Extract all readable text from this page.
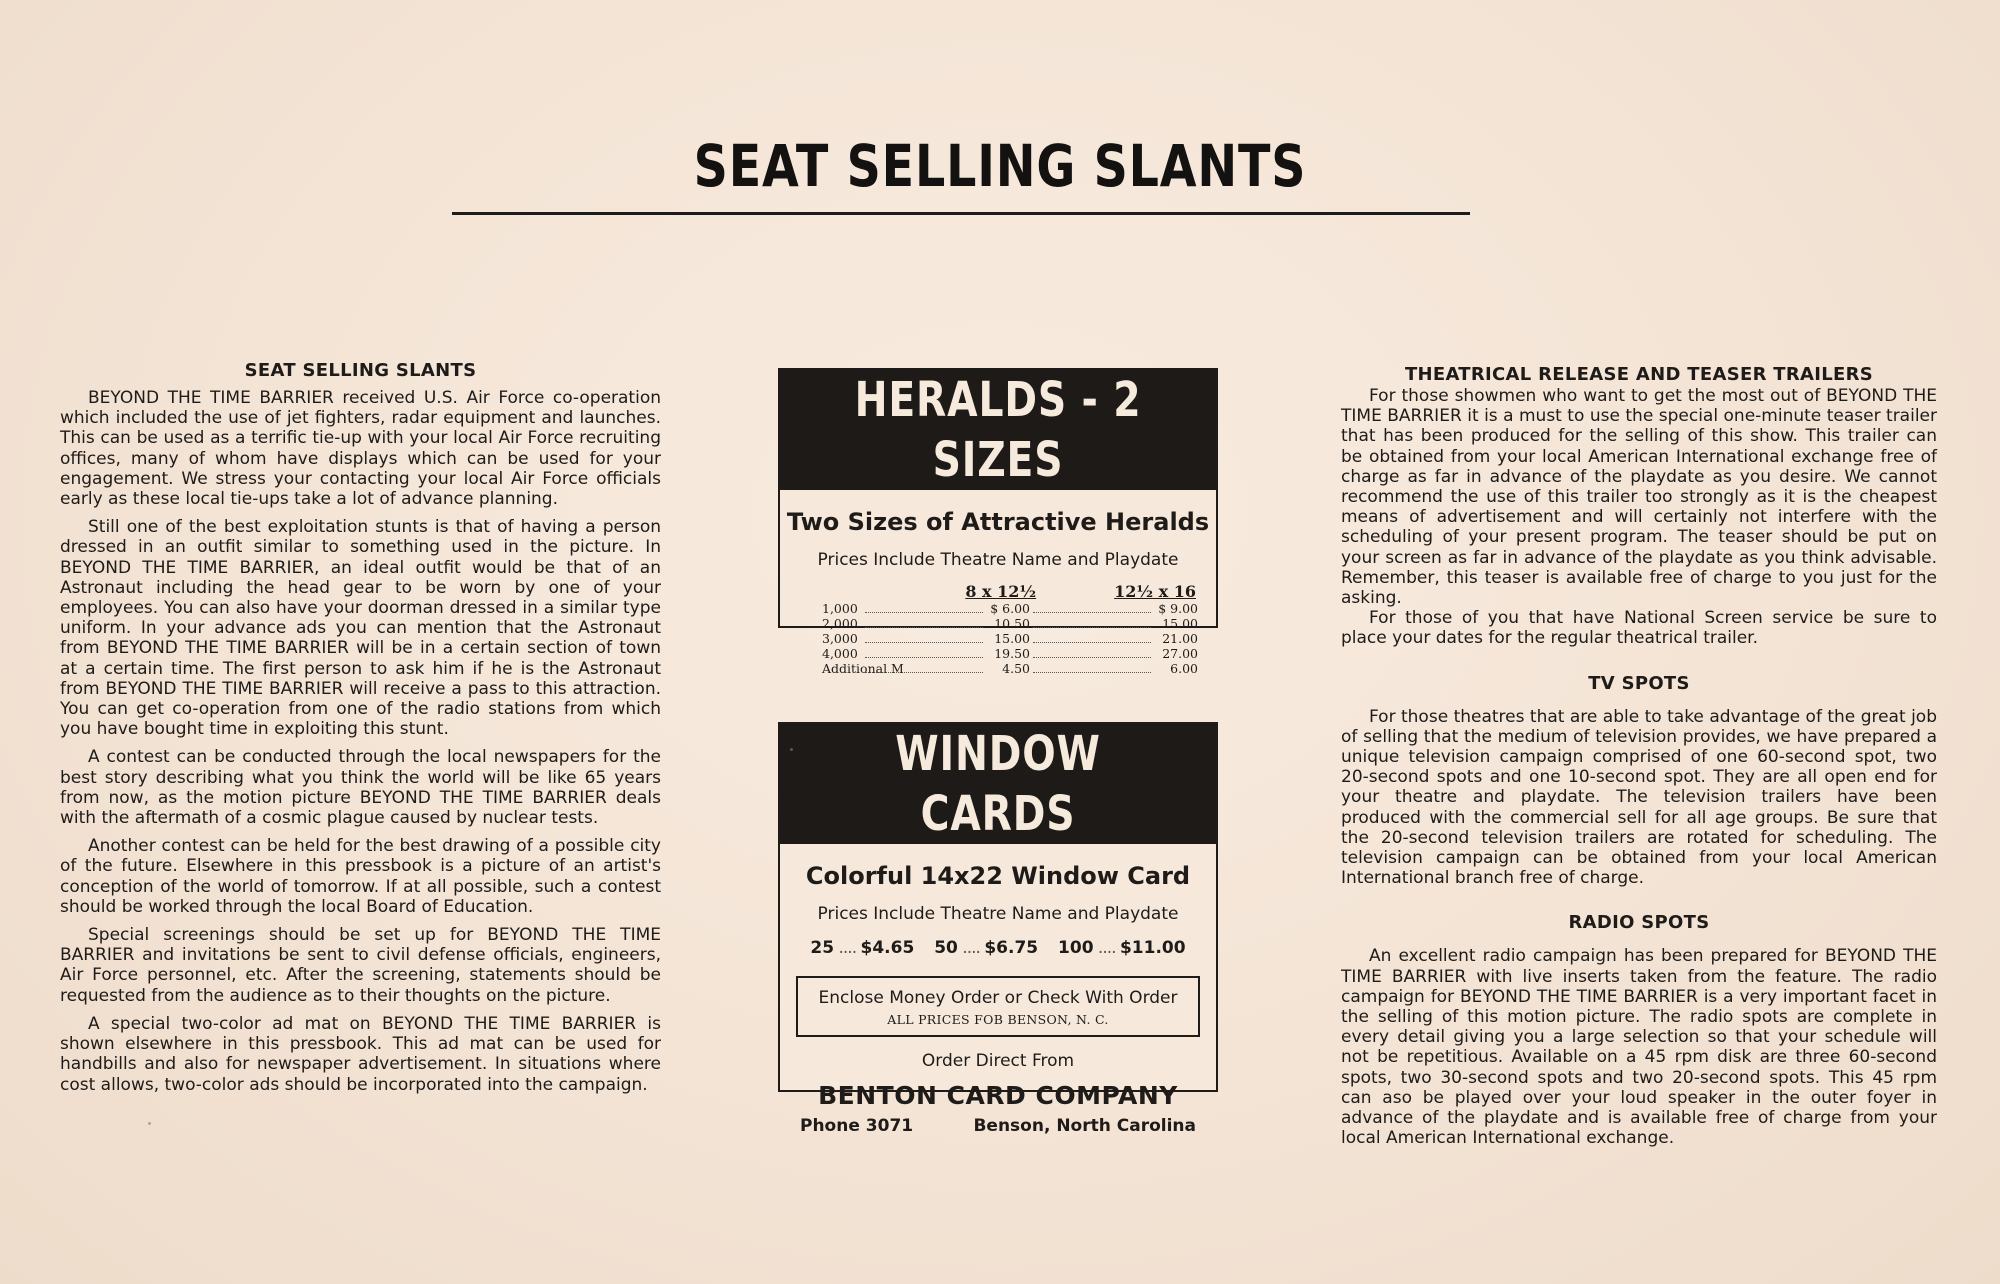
SEAT SELLING SLANTS
SEAT SELLING SLANTS

BEYOND THE TIME BARRIER received U.S. Air Force co-operation which included the use of jet fighters, radar equipment and launches. This can be used as a terrific tie-up with your local Air Force recruiting offices, many of whom have displays which can be used for your engagement. We stress your contacting your local Air Force officials early as these local tie-ups take a lot of advance planning.

Still one of the best exploitation stunts is that of having a person dressed in an outfit similar to something used in the picture. In BEYOND THE TIME BARRIER, an ideal outfit would be that of an Astronaut including the head gear to be worn by one of your employees. You can also have your doorman dressed in a similar type uniform. In your advance ads you can mention that the Astronaut from BEYOND THE TIME BARRIER will be in a certain section of town at a certain time. The first person to ask him if he is the Astronaut from BEYOND THE TIME BARRIER will receive a pass to this attraction. You can get co-operation from one of the radio stations from which you have bought time in exploiting this stunt.

A contest can be conducted through the local newspapers for the best story describing what you think the world will be like 65 years from now, as the motion picture BEYOND THE TIME BARRIER deals with the aftermath of a cosmic plague caused by nuclear tests.

Another contest can be held for the best drawing of a possible city of the future. Elsewhere in this pressbook is a picture of an artist's conception of the world of tomorrow. If at all possible, such a contest should be worked through the local Board of Education.

Special screenings should be set up for BEYOND THE TIME BARRIER and invitations be sent to civil defense officials, engineers, Air Force personnel, etc. After the screening, statements should be requested from the audience as to their thoughts on the picture.

A special two-color ad mat on BEYOND THE TIME BARRIER is shown elsewhere in this pressbook. This ad mat can be used for handbills and also for newspaper advertisement. In situations where cost allows, two-color ads should be incorporated into the campaign.

HERALDS - 2 SIZES
Two Sizes of Attractive Heralds
Prices Include Theatre Name and Playdate
8 x 12½	12½ x 16
1,000	$ 6.00	$ 9.00
2,000	10.50	15.00
3,000	15.00	21.00
4,000	19.50	27.00
Additional M	4.50	6.00
WINDOW CARDS
Colorful 14x22 Window Card
Prices Include Theatre Name and Playdate
25 .... $4.65 50 .... $6.75 100 .... $11.00
Enclose Money Order or Check With Order
ALL PRICES FOB BENSON, N. C.
Order Direct From
BENTON CARD COMPANY
Phone 3071	Benson, North Carolina
THEATRICAL RELEASE AND TEASER TRAILERS

For those showmen who want to get the most out of BEYOND THE TIME BARRIER it is a must to use the special one-minute teaser trailer that has been produced for the selling of this show. This trailer can be obtained from your local American International exchange free of charge as far in advance of the playdate as you desire. We cannot recommend the use of this trailer too strongly as it is the cheapest means of advertisement and will certainly not interfere with the scheduling of your present program. The teaser should be put on your screen as far in advance of the playdate as you think advisable. Remember, this teaser is available free of charge to you just for the asking.

For those of you that have National Screen service be sure to place your dates for the regular theatrical trailer.

TV SPOTS

For those theatres that are able to take advantage of the great job of selling that the medium of television provides, we have prepared a unique television campaign comprised of one 60-second spot, two 20-second spots and one 10-second spot. They are all open end for your theatre and playdate. The television trailers have been produced with the commercial sell for all age groups. Be sure that the 20-second television trailers are rotated for scheduling. The television campaign can be obtained from your local American International branch free of charge.

RADIO SPOTS

An excellent radio campaign has been prepared for BEYOND THE TIME BARRIER with live inserts taken from the feature. The radio campaign for BEYOND THE TIME BARRIER is a very important facet in the selling of this motion picture. The radio spots are complete in every detail giving you a large selection so that your schedule will not be repetitious. Available on a 45 rpm disk are three 60-second spots, two 30-second spots and two 20-second spots. This 45 rpm can aso be played over your loud speaker in the outer foyer in advance of the playdate and is available free of charge from your local American International exchange.
